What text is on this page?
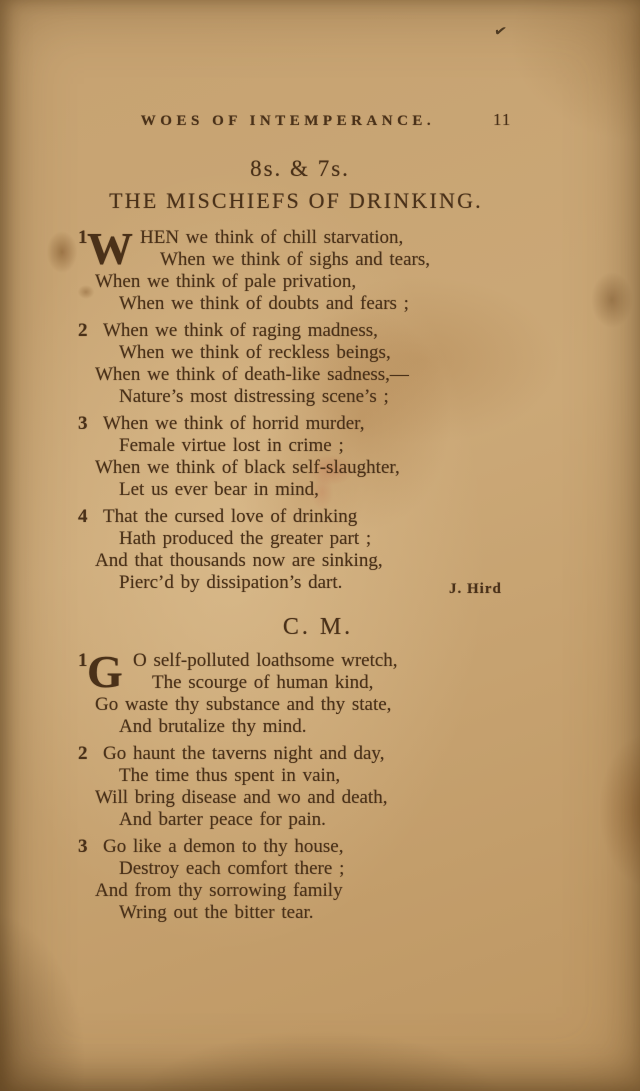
WOES OF INTEMPERANCE.	11
✔
8s. & 7s.
THE MISCHIEFS OF DRINKING.
1 W HEN we think of chill starvation,
When we think of sighs and tears,
When we think of pale privation,
When we think of doubts and fears ;
2 When we think of raging madness,
When we think of reckless beings,
When we think of death-like sadness,—
Nature’s most distressing scene’s ;
3 When we think of horrid murder,
Female virtue lost in crime ;
When we think of black self-slaughter,
Let us ever bear in mind,
4 That the cursed love of drinking
Hath produced the greater part ;
And that thousands now are sinking,
Pierc’d by dissipation’s dart.	J. Hird
C. M.
1 G O self-polluted loathsome wretch,
The scourge of human kind,
Go waste thy substance and thy state,
And brutalize thy mind.
2 Go haunt the taverns night and day,
The time thus spent in vain,
Will bring disease and wo and death,
And barter peace for pain.
3 Go like a demon to thy house,
Destroy each comfort there ;
And from thy sorrowing family
Wring out the bitter tear.
